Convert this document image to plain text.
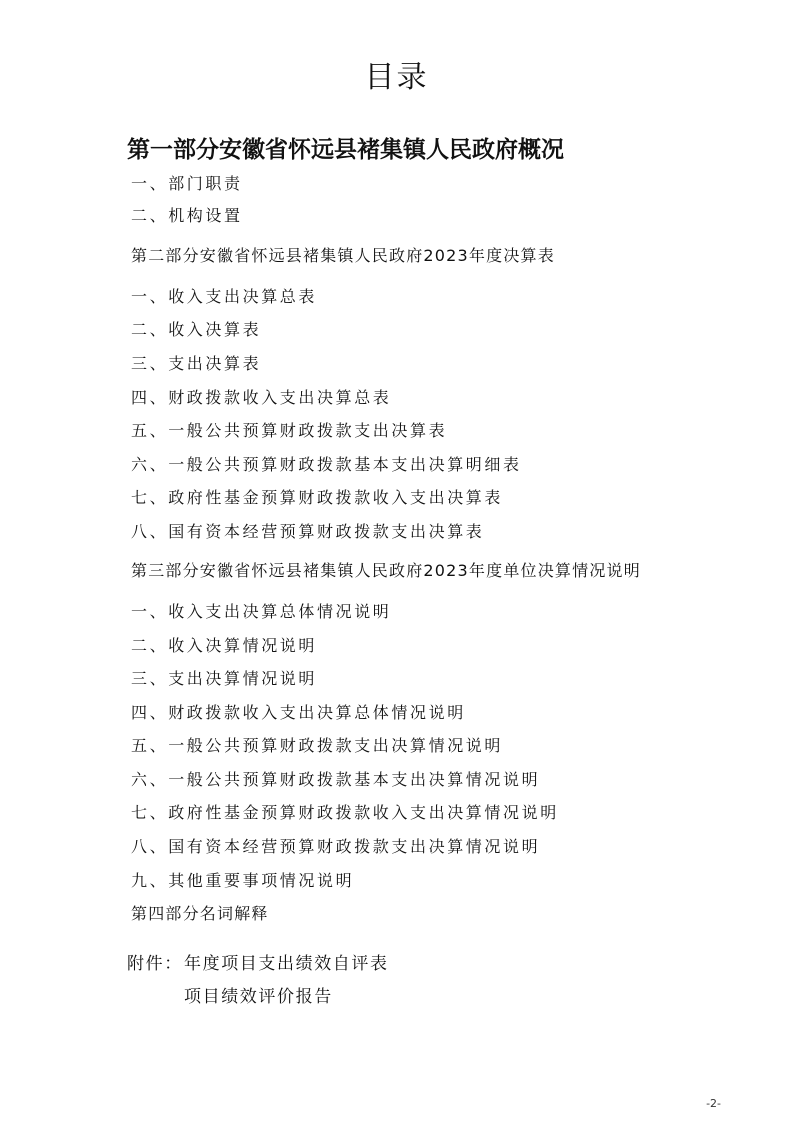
目录
第一部分安徽省怀远县褚集镇人民政府概况
一、部门职责
二、机构设置
第二部分安徽省怀远县褚集镇人民政府2023年度决算表
一、收入支出决算总表
二、收入决算表
三、支出决算表
四、财政拨款收入支出决算总表
五、一般公共预算财政拨款支出决算表
六、一般公共预算财政拨款基本支出决算明细表
七、政府性基金预算财政拨款收入支出决算表
八、国有资本经营预算财政拨款支出决算表
第三部分安徽省怀远县褚集镇人民政府2023年度单位决算情况说明
一、收入支出决算总体情况说明
二、收入决算情况说明
三、支出决算情况说明
四、财政拨款收入支出决算总体情况说明
五、一般公共预算财政拨款支出决算情况说明
六、一般公共预算财政拨款基本支出决算情况说明
七、政府性基金预算财政拨款收入支出决算情况说明
八、国有资本经营预算财政拨款支出决算情况说明
九、其他重要事项情况说明
第四部分名词解释
附件： 年度项目支出绩效自评表
项目绩效评价报告
-2-
